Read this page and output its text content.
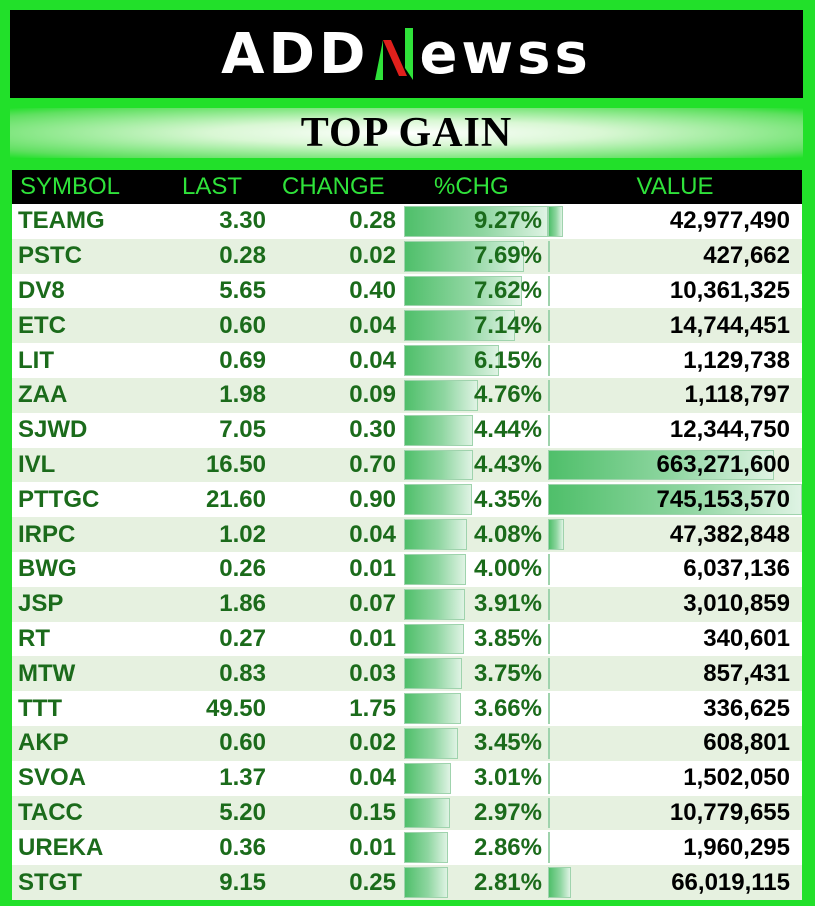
ADD ewss
TOP GAIN
SYMBOL	LAST	CHANGE	%CHG	VALUE
TEAMG	3.30	0.28	9.27%	42,977,490
PSTC	0.28	0.02	7.69%	427,662
DV8	5.65	0.40	7.62%	10,361,325
ETC	0.60	0.04	7.14%	14,744,451
LIT	0.69	0.04	6.15%	1,129,738
ZAA	1.98	0.09	4.76%	1,118,797
SJWD	7.05	0.30	4.44%	12,344,750
IVL	16.50	0.70	4.43%	663,271,600
PTTGC	21.60	0.90	4.35%	745,153,570
IRPC	1.02	0.04	4.08%	47,382,848
BWG	0.26	0.01	4.00%	6,037,136
JSP	1.86	0.07	3.91%	3,010,859
RT	0.27	0.01	3.85%	340,601
MTW	0.83	0.03	3.75%	857,431
TTT	49.50	1.75	3.66%	336,625
AKP	0.60	0.02	3.45%	608,801
SVOA	1.37	0.04	3.01%	1,502,050
TACC	5.20	0.15	2.97%	10,779,655
UREKA	0.36	0.01	2.86%	1,960,295
STGT	9.15	0.25	2.81%	66,019,115
